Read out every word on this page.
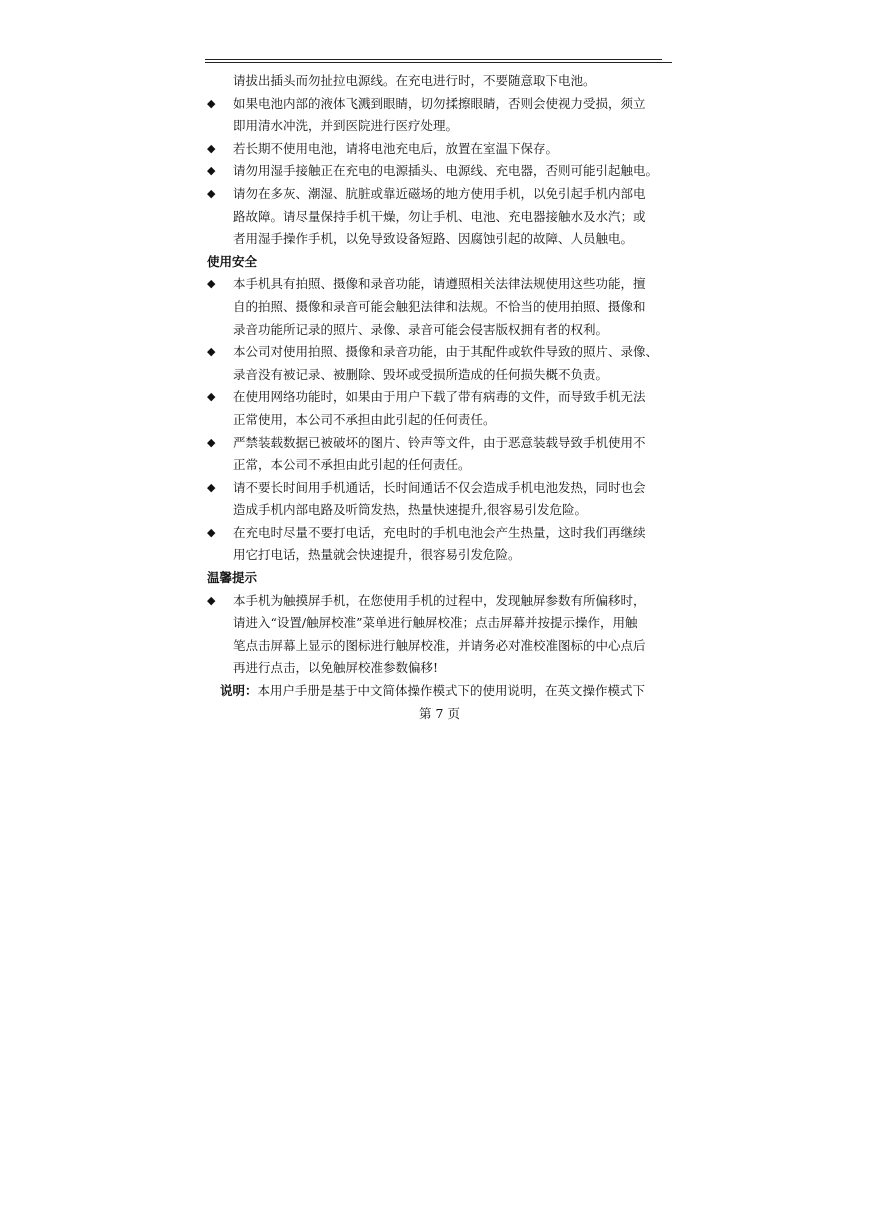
请拔出插头而勿扯拉电源线。在充电进行时，不要随意取下电池。
◆	如果电池内部的液体飞溅到眼睛，切勿揉擦眼睛，否则会使视力受损，须立
即用清水冲洗，并到医院进行医疗处理。
◆	若长期不使用电池，请将电池充电后，放置在室温下保存。
◆	请勿用湿手接触正在充电的电源插头、电源线、充电器，否则可能引起触电。
◆	请勿在多灰、潮湿、肮脏或靠近磁场的地方使用手机，以免引起手机内部电
路故障。请尽量保持手机干燥，勿让手机、电池、充电器接触水及水汽；或
者用湿手操作手机，以免导致设备短路、因腐蚀引起的故障、人员触电。
使用安全
◆	本手机具有拍照、摄像和录音功能，请遵照相关法律法规使用这些功能，擅
自的拍照、摄像和录音可能会触犯法律和法规。不恰当的使用拍照、摄像和
录音功能所记录的照片、录像、录音可能会侵害版权拥有者的权利。
◆	本公司对使用拍照、摄像和录音功能，由于其配件或软件导致的照片、录像、
录音没有被记录、被删除、毁坏或受损所造成的任何损失概不负责。
◆	在使用网络功能时，如果由于用户下载了带有病毒的文件，而导致手机无法
正常使用，本公司不承担由此引起的任何责任。
◆	严禁装载数据已被破坏的图片、铃声等文件，由于恶意装载导致手机使用不
正常，本公司不承担由此引起的任何责任。
◆	请不要长时间用手机通话，长时间通话不仅会造成手机电池发热，同时也会
造成手机内部电路及听筒发热，热量快速提升,很容易引发危险。
◆	在充电时尽量不要打电话，充电时的手机电池会产生热量，这时我们再继续
用它打电话，热量就会快速提升，很容易引发危险。
温馨提示
◆	本手机为触摸屏手机，在您使用手机的过程中，发现触屏参数有所偏移时，
请进入“设置/触屏校准”菜单进行触屏校准；点击屏幕并按提示操作，用触
笔点击屏幕上显示的图标进行触屏校准，并请务必对准校准图标的中心点后
再进行点击，以免触屏校准参数偏移!
说明：本用户手册是基于中文简体操作模式下的使用说明，在英文操作模式下
第 7 页
